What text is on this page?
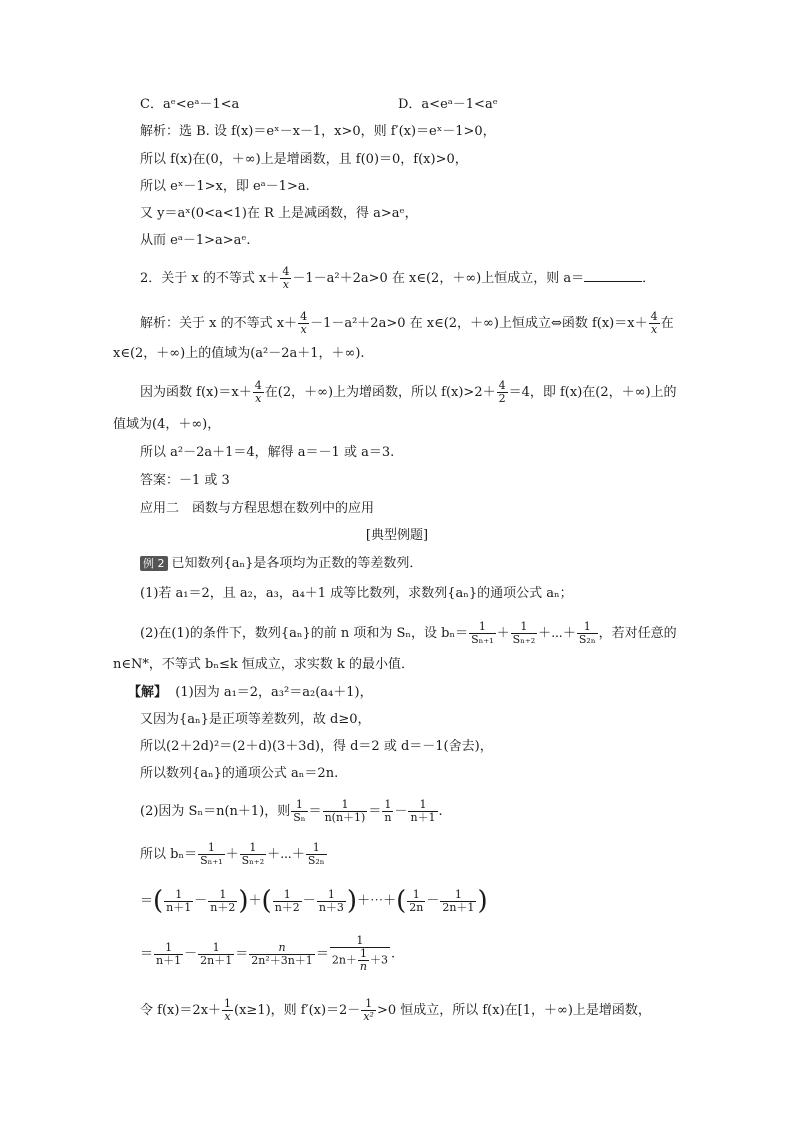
C．aᵉ<eᵃ－1<a	D．a<eᵃ－1<aᵉ
解析：选 B. 设 f(x)＝eˣ－x－1，x>0，则 f′(x)＝eˣ－1>0，
所以 f(x)在(0，＋∞)上是增函数，且 f(0)＝0，f(x)>0，
所以 eˣ－1>x，即 eᵃ－1>a.
又 y＝aˣ(0<a<1)在 R 上是减函数，得 a>aᵉ，
从而 eᵃ－1>a>aᵉ.
2．关于 x 的不等式 $x+ \frac{4}{x} -1-a^2+2a>0$ 在 x∈(2，＋∞)上恒成立，则 a＝	．
解析：关于 x 的不等式 $x+ \frac{4}{x} -1-a^2+2a>0$ 在 x∈(2，＋∞)上恒成立⇔函数 $f(x)=x+ \frac{4}{x}$ 在
x∈(2，＋∞)上的值域为(a²－2a＋1，＋∞).
因为函数 $f(x)=x+ \frac{4}{x}$ 在(2，＋∞)上为增函数，所以 $f(x)>2+ \frac{4}{2} =4$，即 f(x)在(2，＋∞)上的
值域为(4，＋∞)，
所以 a²－2a＋1＝4，解得 a＝－1 或 a＝3.
答案：－1 或 3
应用二　函数与方程思想在数列中的应用
[典型例题]
例 2 已知数列{aₙ}是各项均为正数的等差数列．
(1)若 a₁＝2，且 a₂，a₃，a₄＋1 成等比数列，求数列{aₙ}的通项公式 aₙ；
(2)在(1)的条件下，数列{aₙ}的前 n 项和为 Sₙ，设 $b_n= \frac{1}{\text{Sₙ₊₁}} + \frac{1}{\text{Sₙ₊₂}}$ ＋⋯＋ $\frac{1}{\text{S₂ₙ}}$ ，若对任意的
n∈N*，不等式 bₙ≤k 恒成立，求实数 k 的最小值．
【解】 (1)因为 a₁＝2，a₃²＝a₂(a₄＋1)，
又因为{aₙ}是正项等差数列，故 d≥0，
所以(2＋2d)²＝(2＋d)(3＋3d)，得 d＝2 或 d＝－1(舍去)，
所以数列{aₙ}的通项公式 aₙ＝2n.
(2)因为 Sₙ＝n(n＋1)，则 $\frac{1}{\text{Sₙ}} = \frac{1}{n(n+1)} = \frac{1}{n} - \frac{1}{n+1}$ .
所以 $b_n= \frac{1}{\text{Sₙ₊₁}} + \frac{1}{\text{Sₙ₊₂}}$ ＋⋯＋ $\frac{1}{\text{S₂ₙ}}$
＝( $\frac{1}{n+1} - \frac{1}{n+2}$ )＋( $\frac{1}{n+2} - \frac{1}{n+3}$ )＋⋯＋( $\frac{1}{2n} - \frac{1}{2n+1}$ )
＝ $\frac{1}{n+1} - \frac{1}{2n+1} = \frac{n}{\text{2n²＋3n＋1}} = \frac{1}{2n+ \frac{1}{n} +3}$ .
令 $f(x)=2x+ \frac{1}{x} (x\ge 1)$，则 $f'(x)=2- \frac{1}{\text{x²}} >0$ 恒成立，所以 f(x)在[1，＋∞)上是增函数，
